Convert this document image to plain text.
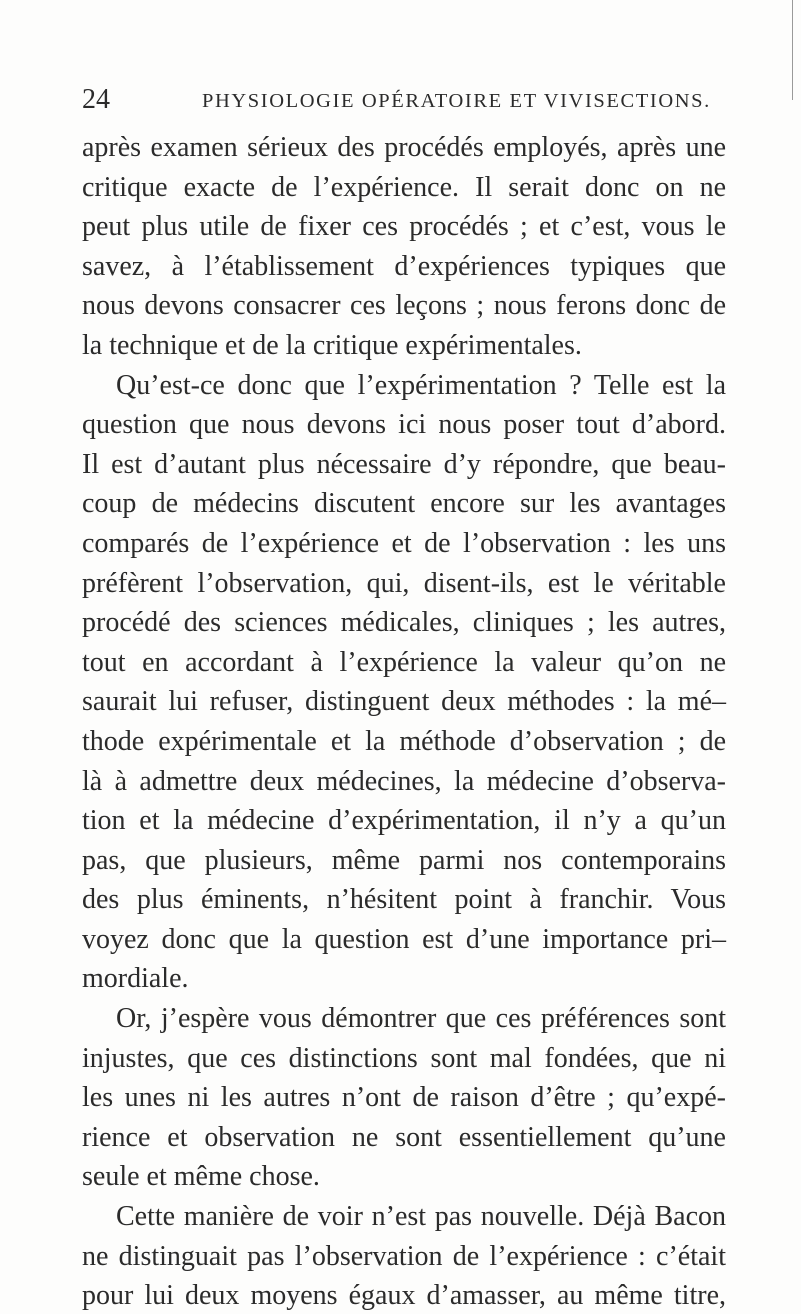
24	PHYSIOLOGIE OPÉRATOIRE ET VIVISECTIONS.
après examen sérieux des procédés employés, après une
critique exacte de l’expérience. Il serait donc on ne
peut plus utile de fixer ces procédés ; et c’est, vous le
savez, à l’établissement d’expériences typiques que
nous devons consacrer ces leçons ; nous ferons donc de
la technique et de la critique expérimentales.
Qu’est-ce donc que l’expérimentation ? Telle est la
question que nous devons ici nous poser tout d’abord.
Il est d’autant plus nécessaire d’y répondre, que beau-
coup de médecins discutent encore sur les avantages
comparés de l’expérience et de l’observation : les uns
préfèrent l’observation, qui, disent-ils, est le véritable
procédé des sciences médicales, cliniques ; les autres,
tout en accordant à l’expérience la valeur qu’on ne
saurait lui refuser, distinguent deux méthodes : la mé–
thode expérimentale et la méthode d’observation ; de
là à admettre deux médecines, la médecine d’observa-
tion et la médecine d’expérimentation, il n’y a qu’un
pas, que plusieurs, même parmi nos contemporains
des plus éminents, n’hésitent point à franchir. Vous
voyez donc que la question est d’une importance pri–
mordiale.
Or, j’espère vous démontrer que ces préférences sont
injustes, que ces distinctions sont mal fondées, que ni
les unes ni les autres n’ont de raison d’être ; qu’expé-
rience et observation ne sont essentiellement qu’une
seule et même chose.
Cette manière de voir n’est pas nouvelle. Déjà Bacon
ne distinguait pas l’observation de l’expérience : c’était
pour lui deux moyens égaux d’amasser, au même titre,
